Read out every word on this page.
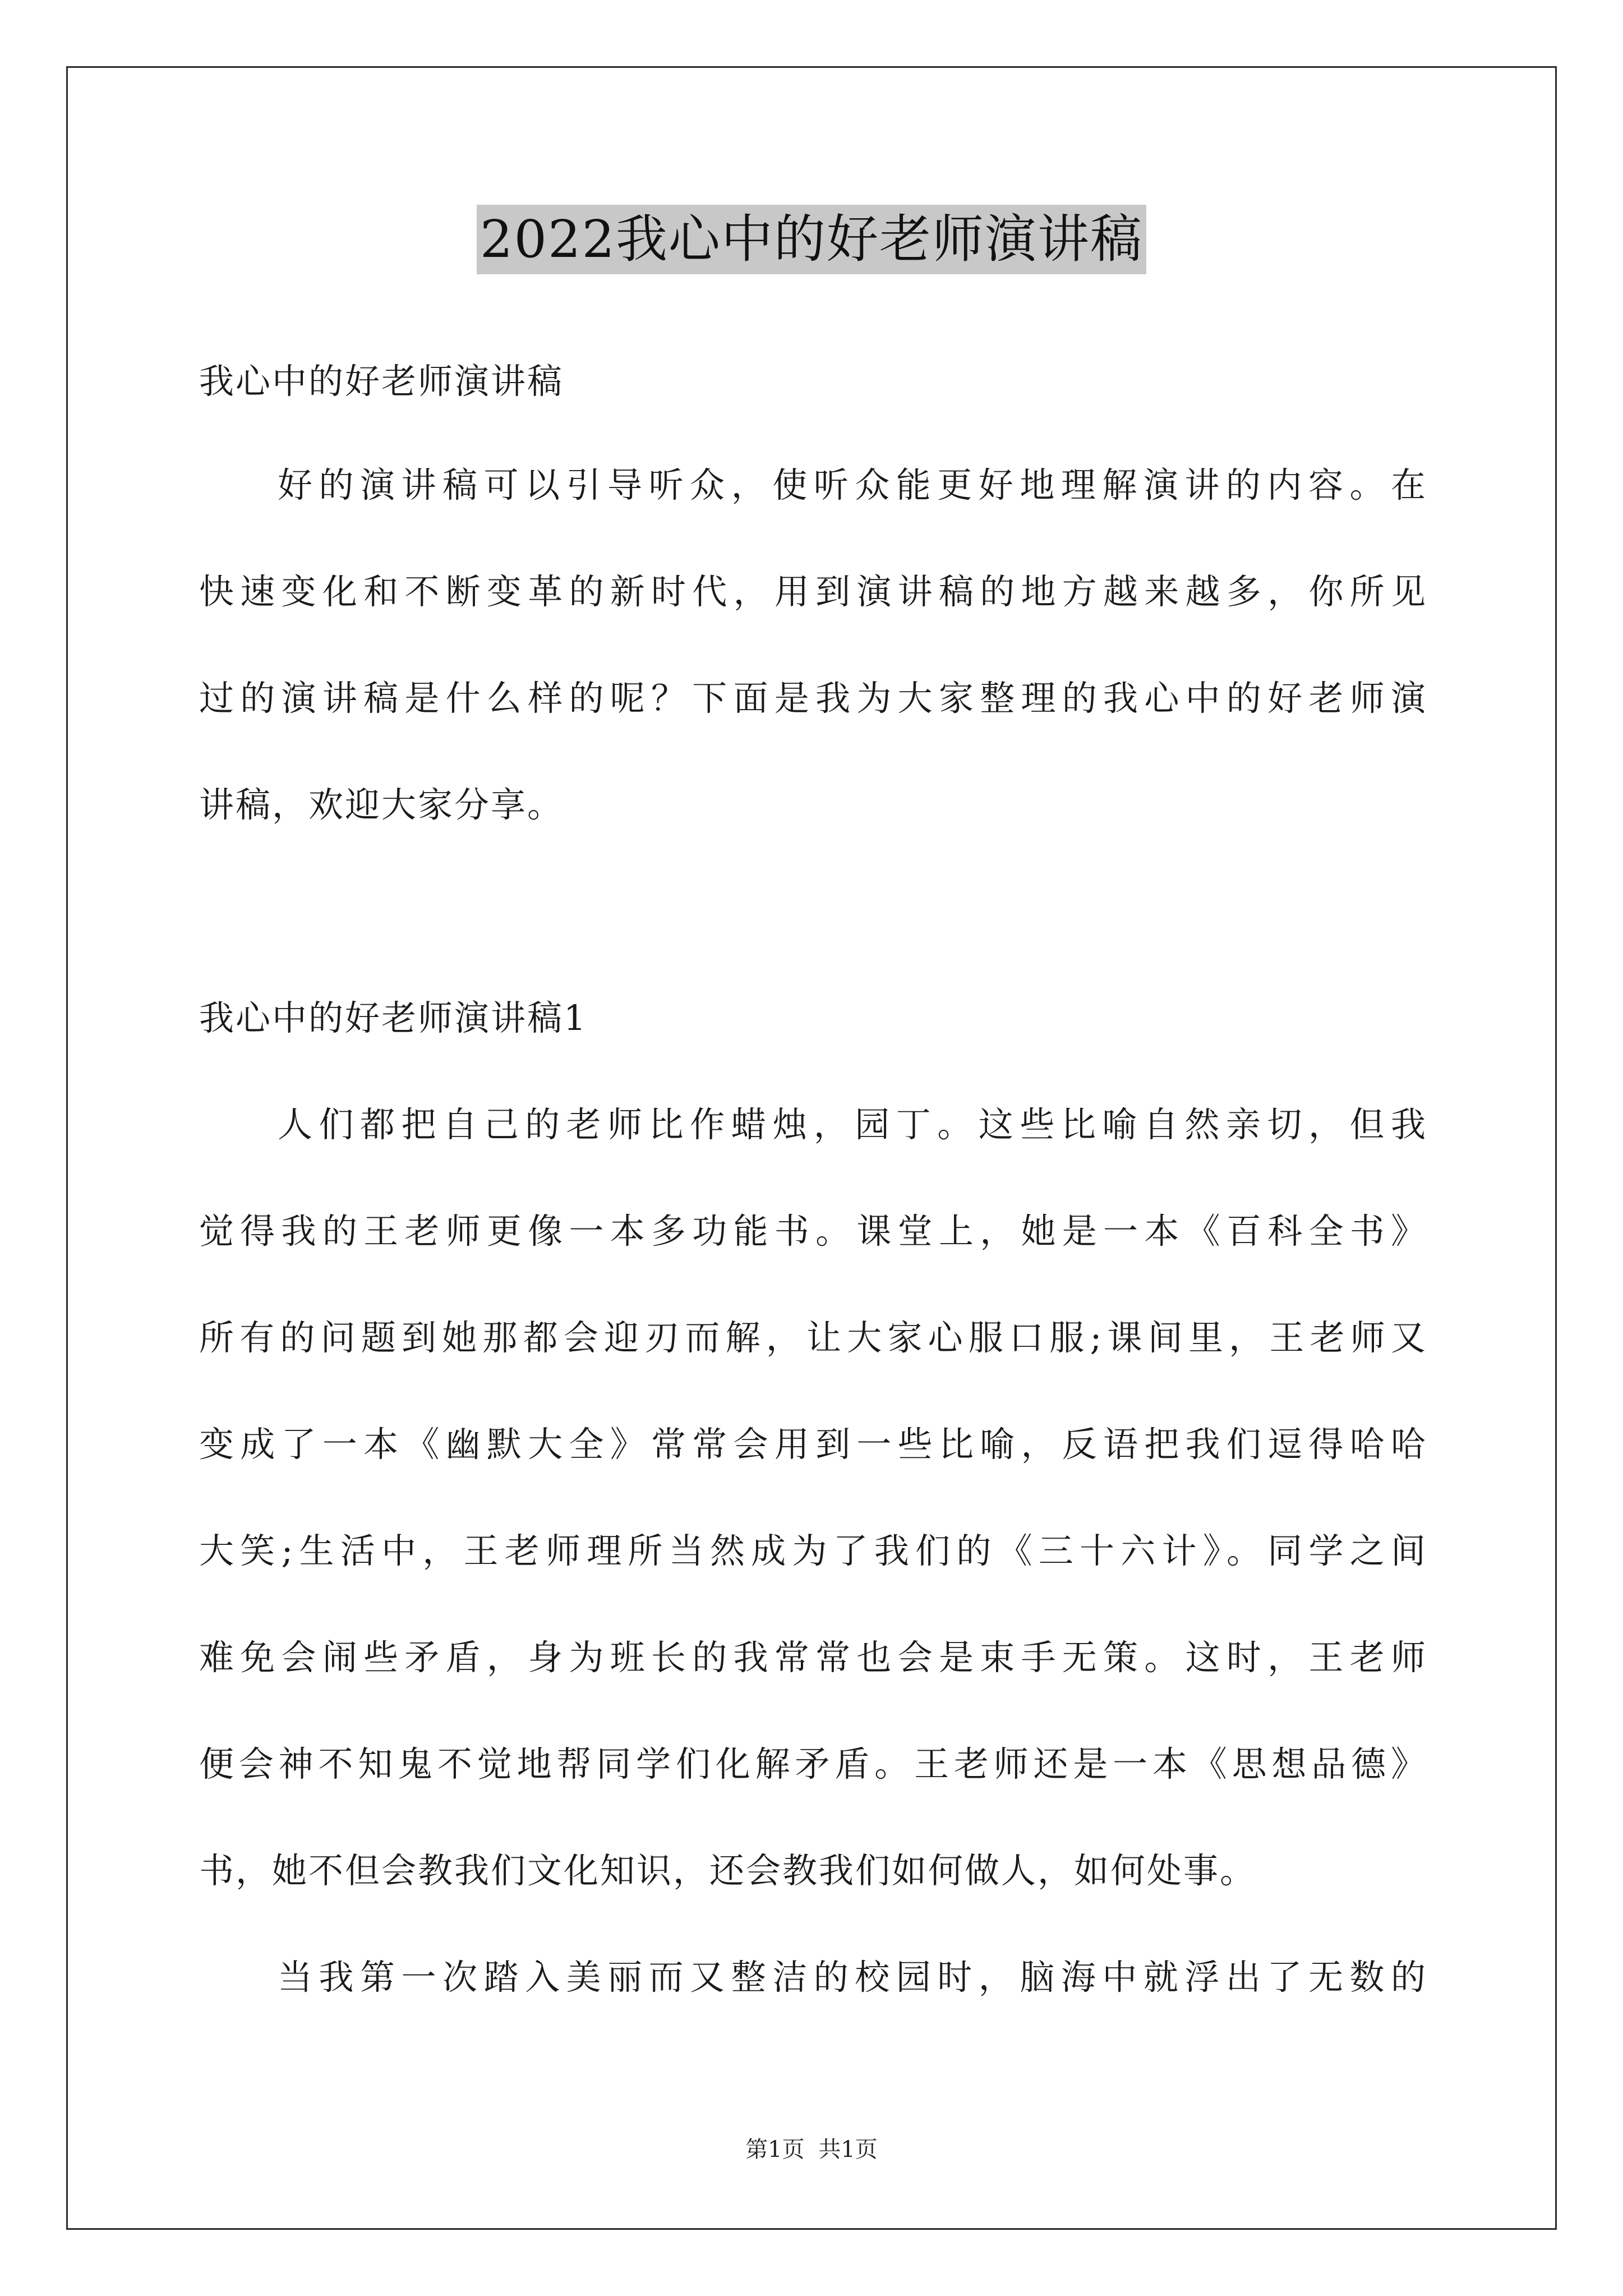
2022我心中的好老师演讲稿
我心中的好老师演讲稿
好的演讲稿可以引导听众，使听众能更好地理解演讲的内容。在
快速变化和不断变革的新时代，用到演讲稿的地方越来越多，你所见
过的演讲稿是什么样的呢？下面是我为大家整理的我心中的好老师演
讲稿，欢迎大家分享。
我心中的好老师演讲稿1
人们都把自己的老师比作蜡烛，园丁。这些比喻自然亲切，但我
觉得我的王老师更像一本多功能书。课堂上，她是一本《百科全书》
所有的问题到她那都会迎刃而解，让大家心服口服;课间里，王老师又
变成了一本《幽默大全》常常会用到一些比喻，反语把我们逗得哈哈
大笑;生活中，王老师理所当然成为了我们的《三十六计》。同学之间
难免会闹些矛盾，身为班长的我常常也会是束手无策。这时，王老师
便会神不知鬼不觉地帮同学们化解矛盾。王老师还是一本《思想品德》
书，她不但会教我们文化知识，还会教我们如何做人，如何处事。
当我第一次踏入美丽而又整洁的校园时，脑海中就浮出了无数的
第1页 共1页
